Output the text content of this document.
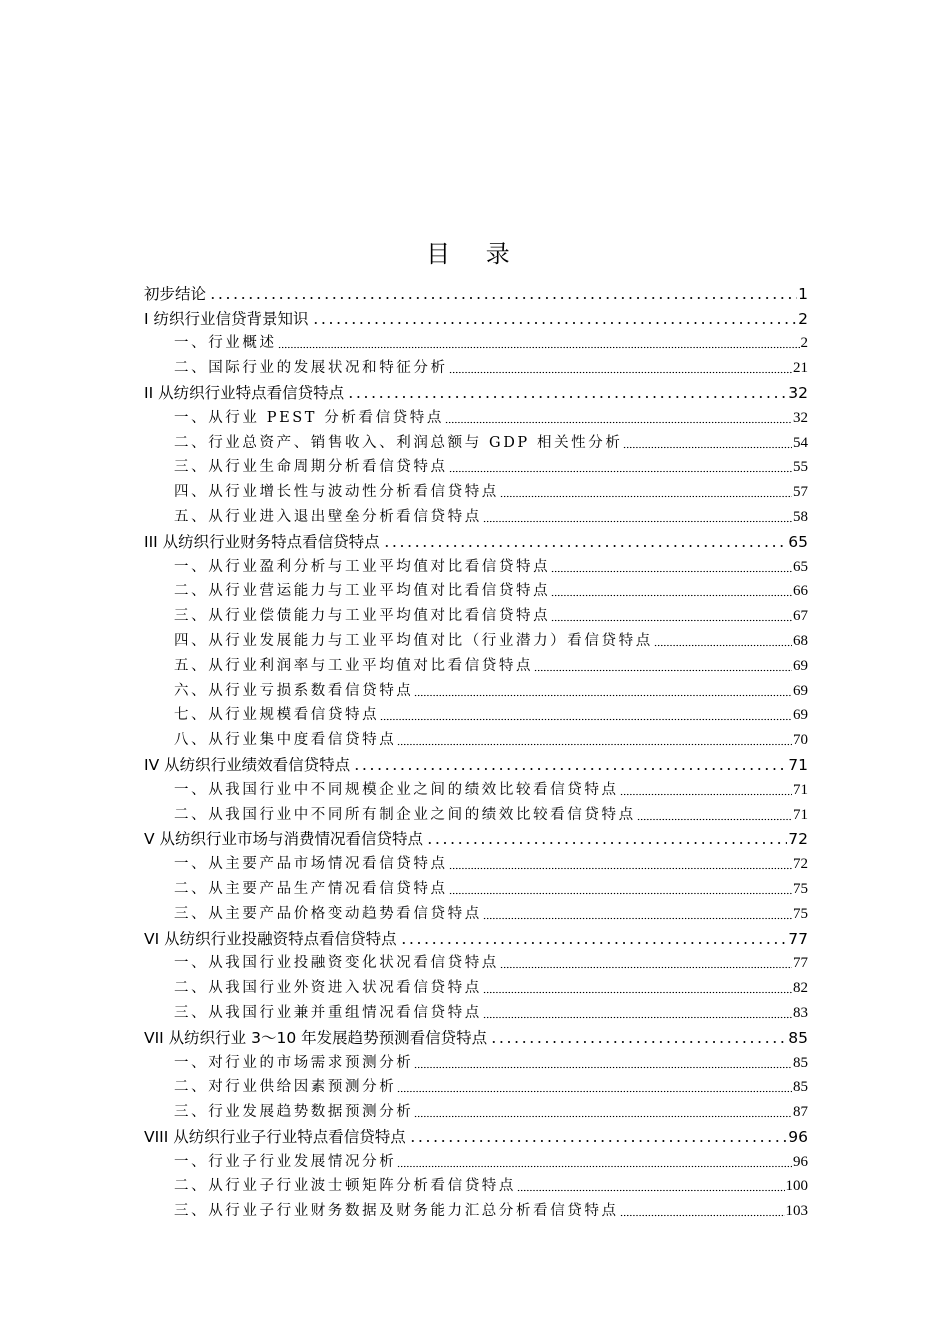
目 录
初步结论	1
I 纺织行业信贷背景知识	2
一、行业概述	2
二、国际行业的发展状况和特征分析	21
II 从纺织行业特点看信贷特点	32
一、从行业 PEST 分析看信贷特点	32
二、行业总资产、销售收入、利润总额与 GDP 相关性分析	54
三、从行业生命周期分析看信贷特点	55
四、从行业增长性与波动性分析看信贷特点	57
五、从行业进入退出壁垒分析看信贷特点	58
III 从纺织行业财务特点看信贷特点	65
一、从行业盈利分析与工业平均值对比看信贷特点	65
二、从行业营运能力与工业平均值对比看信贷特点	66
三、从行业偿债能力与工业平均值对比看信贷特点	67
四、从行业发展能力与工业平均值对比（行业潜力）看信贷特点	68
五、从行业利润率与工业平均值对比看信贷特点	69
六、从行业亏损系数看信贷特点	69
七、从行业规模看信贷特点	69
八、从行业集中度看信贷特点	70
IV 从纺织行业绩效看信贷特点	71
一、从我国行业中不同规模企业之间的绩效比较看信贷特点	71
二、从我国行业中不同所有制企业之间的绩效比较看信贷特点	71
V 从纺织行业市场与消费情况看信贷特点	72
一、从主要产品市场情况看信贷特点	72
二、从主要产品生产情况看信贷特点	75
三、从主要产品价格变动趋势看信贷特点	75
VI 从纺织行业投融资特点看信贷特点	77
一、从我国行业投融资变化状况看信贷特点	77
二、从我国行业外资进入状况看信贷特点	82
三、从我国行业兼并重组情况看信贷特点	83
VII 从纺织行业 3～10 年发展趋势预测看信贷特点	85
一、对行业的市场需求预测分析	85
二、对行业供给因素预测分析	85
三、行业发展趋势数据预测分析	87
VIII 从纺织行业子行业特点看信贷特点	96
一、行业子行业发展情况分析	96
二、从行业子行业波士顿矩阵分析看信贷特点	100
三、从行业子行业财务数据及财务能力汇总分析看信贷特点	103
